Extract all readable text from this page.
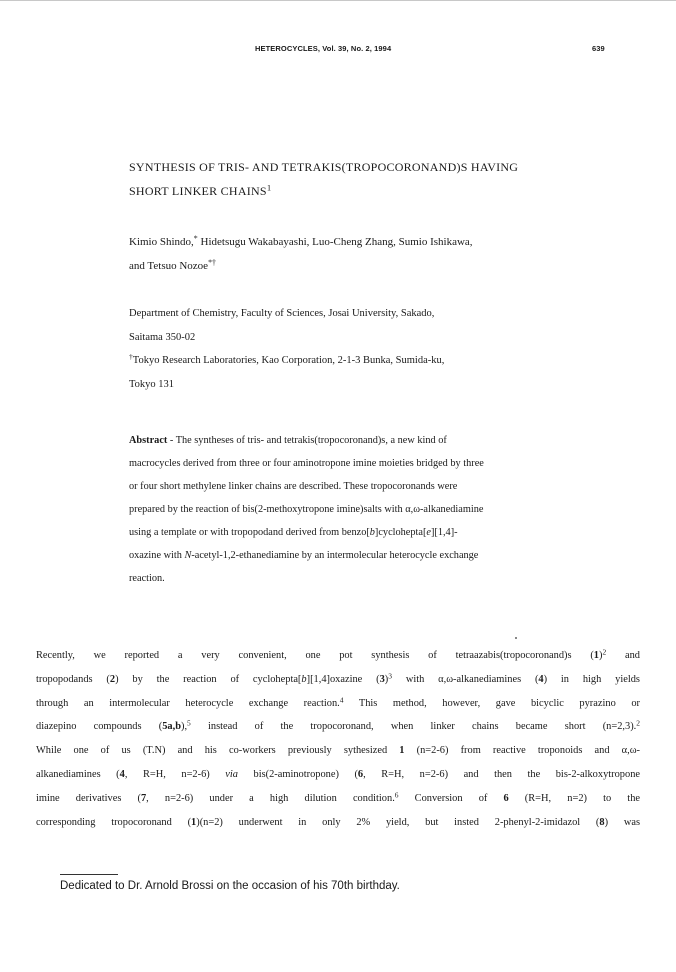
HETEROCYCLES, Vol. 39, No. 2, 1994	639
SYNTHESIS OF TRIS- AND TETRAKIS(TROPOCORONAND)S HAVING
SHORT LINKER CHAINS$^1$
Kimio Shindo,* Hidetsugu Wakabayashi, Luo-Cheng Zhang, Sumio Ishikawa,
and Tetsuo Nozoe*†
Department of Chemistry, Faculty of Sciences, Josai University, Sakado,
Saitama 350-02
†Tokyo Research Laboratories, Kao Corporation, 2-1-3 Bunka, Sumida-ku,
Tokyo 131
Abstract - The syntheses of tris- and tetrakis(tropocoronand)s, a new kind of
macrocycles derived from three or four aminotropone imine moieties bridged by three
or four short methylene linker chains are described. These tropocoronands were
prepared by the reaction of bis(2-methoxytropone imine)salts with α,ω-alkanediamine
using a template or with tropopodand derived from benzo[b]cyclohepta[e][1,4]-
oxazine with N-acetyl-1,2-ethanediamine by an intermolecular heterocycle exchange
reaction.
Recently, we reported a very convenient, one pot synthesis of tetraazabis(tropocoronand)s $(1)^2$ and
tropopodands (2) by the reaction of cyclohepta[b][1,4]oxazine $(3)^3$ with α,ω-alkanediamines (4) in high yields
through an intermolecular heterocycle exchange reaction.$^4$ This method, however, gave bicyclic pyrazino or
diazepino compounds (5a,b),$^5$ instead of the tropocoronand, when linker chains became short (n=2,3).$^2$
While one of us (T.N) and his co-workers previously sythesized 1 (n=2-6) from reactive troponoids and α,ω-
alkanediamines (4, R=H, n=2-6) via bis(2-aminotropone) (6, R=H, n=2-6) and then the bis-2-alkoxytropone
imine derivatives (7, n=2-6) under a high dilution condition.$^6$ Conversion of 6 (R=H, n=2) to the
corresponding tropocoronand (1)(n=2) underwent in only 2% yield, but insted 2-phenyl-2-imidazol (8) was
Dedicated to Dr. Arnold Brossi on the occasion of his 70th birthday.
